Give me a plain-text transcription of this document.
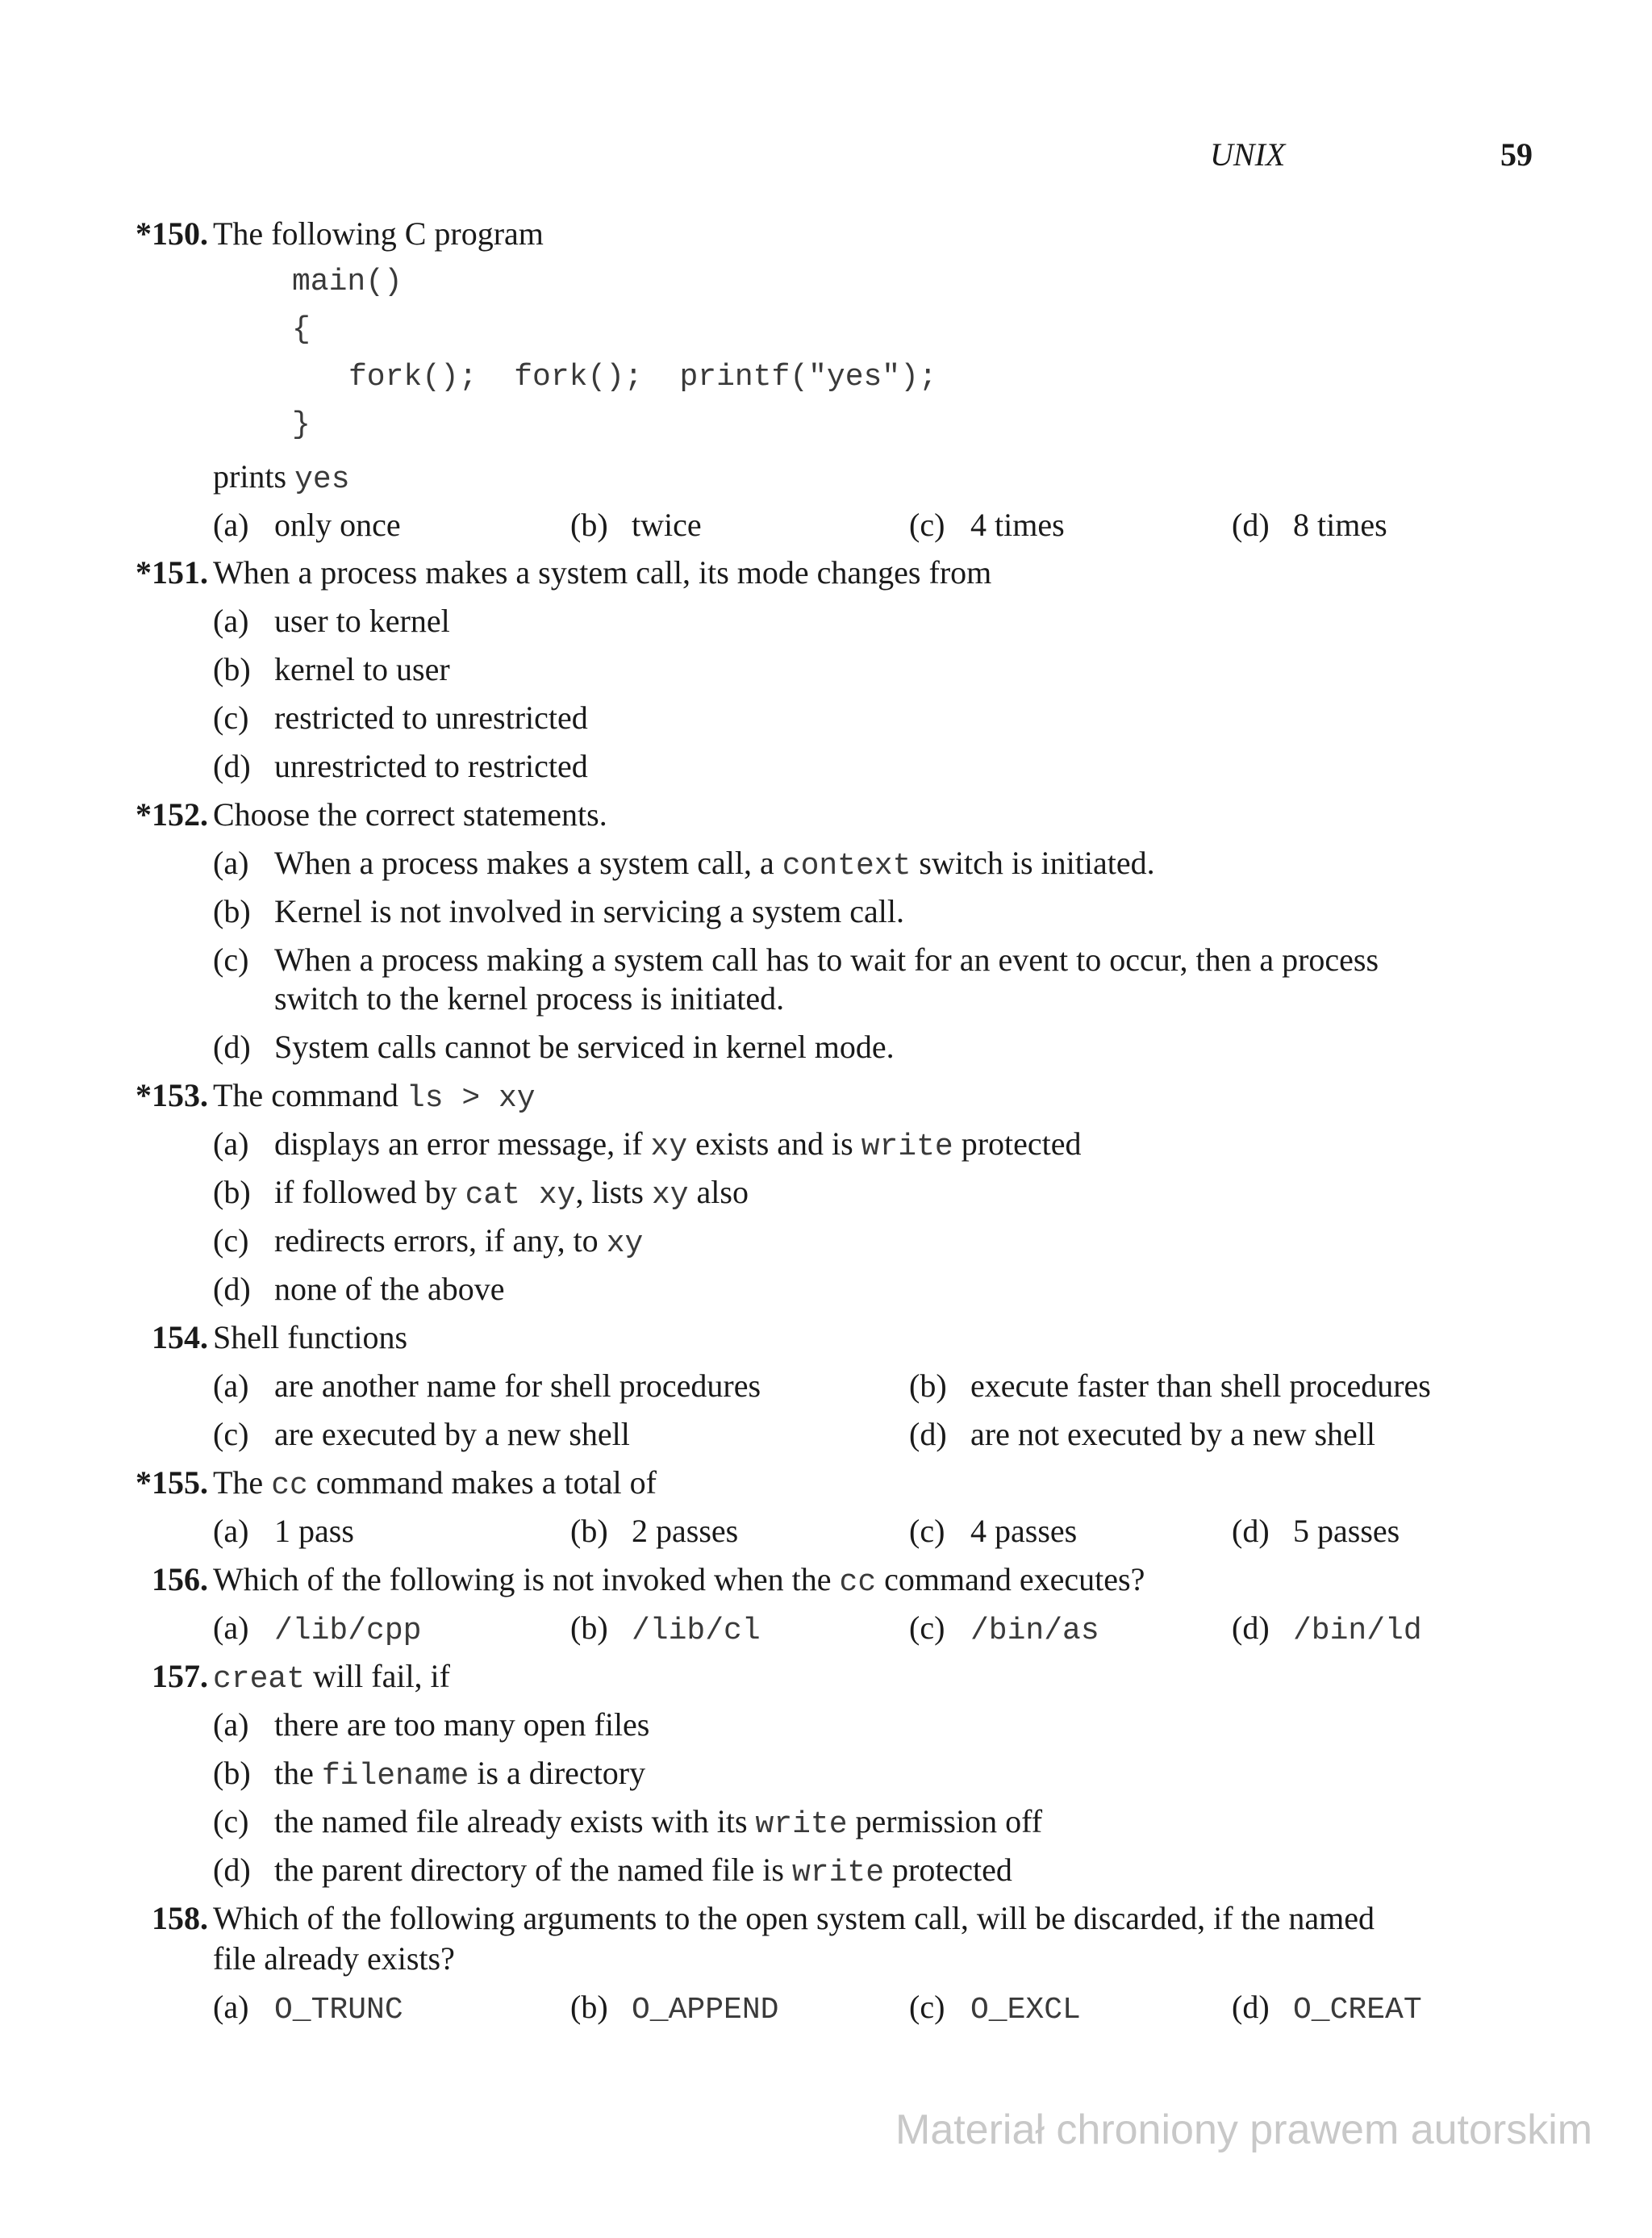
UNIX	59
*150. The following C program
main()
{
fork();  fork();  printf("yes");
}
prints yes
(a) only once	(b) twice	(c) 4 times	(d) 8 times
*151. When a process makes a system call, its mode changes from
(a) user to kernel
(b) kernel to user
(c) restricted to unrestricted
(d) unrestricted to restricted
*152. Choose the correct statements.
(a) When a process makes a system call, a context switch is initiated.
(b) Kernel is not involved in servicing a system call.
(c) When a process making a system call has to wait for an event to occur, then a process
switch to the kernel process is initiated.
(d) System calls cannot be serviced in kernel mode.
*153. The command ls > xy
(a) displays an error message, if xy exists and is write protected
(b) if followed by cat xy, lists xy also
(c) redirects errors, if any, to xy
(d) none of the above
154. Shell functions
(a) are another name for shell procedures	(b) execute faster than shell procedures
(c) are executed by a new shell	(d) are not executed by a new shell
*155. The cc command makes a total of
(a) 1 pass	(b) 2 passes	(c) 4 passes	(d) 5 passes
156. Which of the following is not invoked when the cc command executes?
(a) /lib/cpp	(b) /lib/cl	(c) /bin/as	(d) /bin/ld
157. creat will fail, if
(a) there are too many open files
(b) the filename is a directory
(c) the named file already exists with its write permission off
(d) the parent directory of the named file is write protected
158. Which of the following arguments to the open system call, will be discarded, if the named
file already exists?
(a) O_TRUNC	(b) O_APPEND	(c) O_EXCL	(d) O_CREAT
Materiał chroniony prawem autorskim
